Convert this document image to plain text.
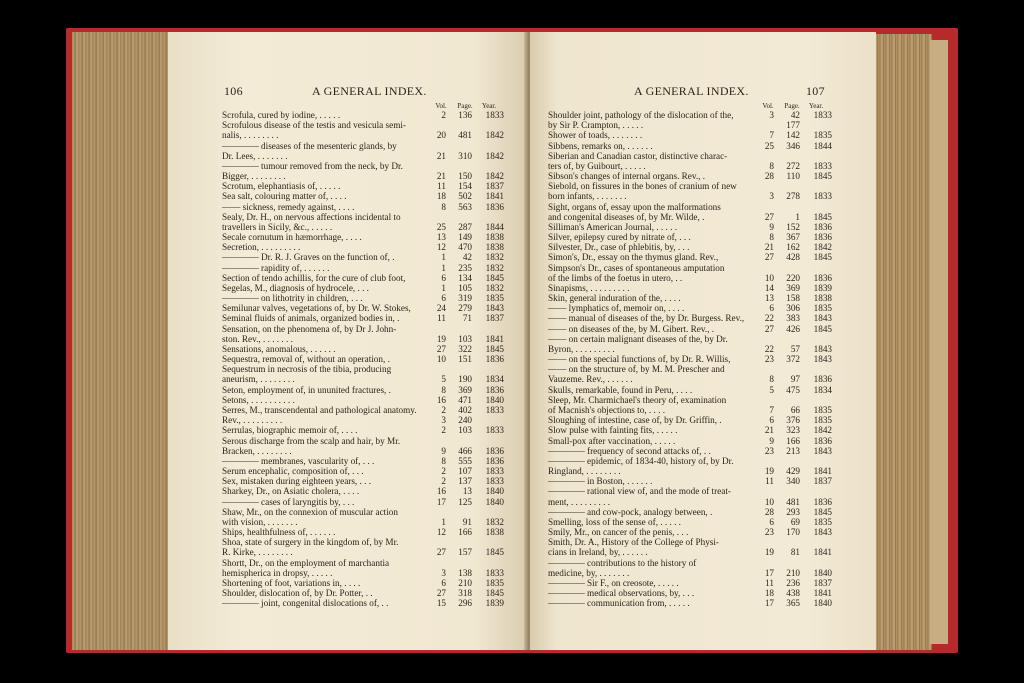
106	A GENERAL INDEX.
Vol.	Page.	Year.
Scrofula, cured by iodine, . . . . .	2	136	1833
Scrofulous disease of the testis and vesicula semi-
nalis, . . . . . . . .	20	481	1842
———— diseases of the mesenteric glands, by
Dr. Lees, . . . . . . .	21	310	1842
———— tumour removed from the neck, by Dr.
Bigger, . . . . . . . .	21	150	1842
Scrotum, elephantiasis of, . . . . .	11	154	1837
Sea salt, colouring matter of, . . . .	18	502	1841
—— sickness, remedy against, . . . .	8	563	1836
Sealy, Dr. H., on nervous affections incidental to
travellers in Sicily, &c., . . . . .	25	287	1844
Secale cornutum in hæmorrhage, . . . .	13	149	1838
Secretion, . . . . . . . . .	12	470	1838
———— Dr. R. J. Graves on the function of, .	1	42	1832
———— rapidity of, . . . . . .	1	235	1832
Section of tendo achillis, for the cure of club foot,	6	134	1845
Segelas, M., diagnosis of hydrocele, . . .	1	105	1832
———— on lithotrity in children, . . .	6	319	1835
Semilunar valves, vegetations of, by Dr. W. Stokes,	24	279	1843
Seminal fluids of animals, organized bodies in, .	11	71	1837
Sensation, on the phenomena of, by Dr J. John-
ston. Rev., . . . . . . .	19	103	1841
Sensations, anomalous, . . . . . .	27	322	1845
Sequestra, removal of, without an operation, .	10	151	1836
Sequestrum in necrosis of the tibia, producing
aneurism, . . . . . . . .	5	190	1834
Seton, employment of, in ununited fractures, .	8	369	1836
Setons, . . . . . . . . . .	16	471	1840
Serres, M., transcendental and pathological anatomy.	2	402	1833
Rev., . . . . . . . . .	3	240
Serrulas, biographic memoir of, . . . .	2	103	1833
Serous discharge from the scalp and hair, by Mr.
Bracken, . . . . . . . .	9	466	1836
———— membranes, vascularity of, . . .	8	555	1836
Serum encephalic, composition of, . . .	2	107	1833
Sex, mistaken during eighteen years, . . .	2	137	1833
Sharkey, Dr., on Asiatic cholera, . . . .	16	13	1840
———— cases of laryngitis by, . . .	17	125	1840
Shaw, Mr., on the connexion of muscular action
with vision, . . . . . . .	1	91	1832
Ships, healthfulness of, . . . . . .	12	166	1838
Shoa, state of surgery in the kingdom of, by Mr.
R. Kirke, . . . . . . . .	27	157	1845
Shortt, Dr., on the employment of marchantia
hemispherica in dropsy, . . . . .	3	138	1833
Shortening of foot, variations in, . . . .	6	210	1835
Shoulder, dislocation of, by Dr. Potter, . .	27	318	1845
———— joint, congenital dislocations of, . .	15	296	1839
A GENERAL INDEX.	107
Vol.	Page.	Year.
Shoulder joint, pathology of the dislocation of the,	3	42	1833
by Sir P. Crampton, . . . . .	177
Shower of toads, . . . . . . .	7	142	1835
Sibbens, remarks on, . . . . . .	25	346	1844
Siberian and Canadian castor, distinctive charac-
ters of, by Guibourt, . . . . .	8	272	1833
Sibson's changes of internal organs. Rev., .	28	110	1845
Siebold, on fissures in the bones of cranium of new
born infants, . . . . . . .	3	278	1833
Sight, organs of, essay upon the malformations
and congenital diseases of, by Mr. Wilde, .	27	1	1845
Silliman's American Journal, . . . . .	9	152	1836
Silver, epilepsy cured by nitrate of, . . .	8	367	1836
Silvester, Dr., case of phlebitis, by, . . .	21	162	1842
Simon's, Dr., essay on the thymus gland. Rev.,	27	428	1845
Simpson's Dr., cases of spontaneous amputation
of the limbs of the foetus in utero, . .	10	220	1836
Sinapisms, . . . . . . . . .	14	369	1839
Skin, general induration of the, . . . .	13	158	1838
—— lymphatics of, memoir on, . . . .	6	306	1835
—— manual of diseases of the, by Dr. Burgess. Rev.,	22	383	1843
—— on diseases of the, by M. Gibert. Rev., .	27	426	1845
—— on certain malignant diseases of the, by Dr.
Byron, . . . . . . . . .	22	57	1843
—— on the special functions of, by Dr. R. Willis,	23	372	1843
—— on the structure of, by M. M. Prescher and
Vauzeme. Rev., . . . . . .	8	97	1836
Skulls, remarkable, found in Peru, . . . .	5	475	1834
Sleep, Mr. Charmichael's theory of, examination
of Macnish's objections to, . . . .	7	66	1835
Sloughing of intestine, case of, by Dr. Griffin, .	6	376	1835
Slow pulse with fainting fits, . . . . .	21	323	1842
Small-pox after vaccination, . . . . .	9	166	1836
———— frequency of second attacks of, . .	23	213	1843
———— epidemic, of 1834-40, history of, by Dr.
Ringland, . . . . . . . .	19	429	1841
———— in Boston, . . . . . .	11	340	1837
———— rational view of, and the mode of treat-
ment, . . . . . . . . .	10	481	1836
———— and cow-pock, analogy between, .	28	293	1845
Smelling, loss of the sense of, . . . . .	6	69	1835
Smily, Mr., on cancer of the penis, . . .	23	170	1843
Smith, Dr. A., History of the College of Physi-
cians in Ireland, by, . . . . . .	19	81	1841
———— contributions to the history of
medicine, by, . . . . . . .	17	210	1840
———— Sir F., on creosote, . . . . .	11	236	1837
———— medical observations, by, . . .	18	438	1841
———— communication from, . . . . .	17	365	1840
